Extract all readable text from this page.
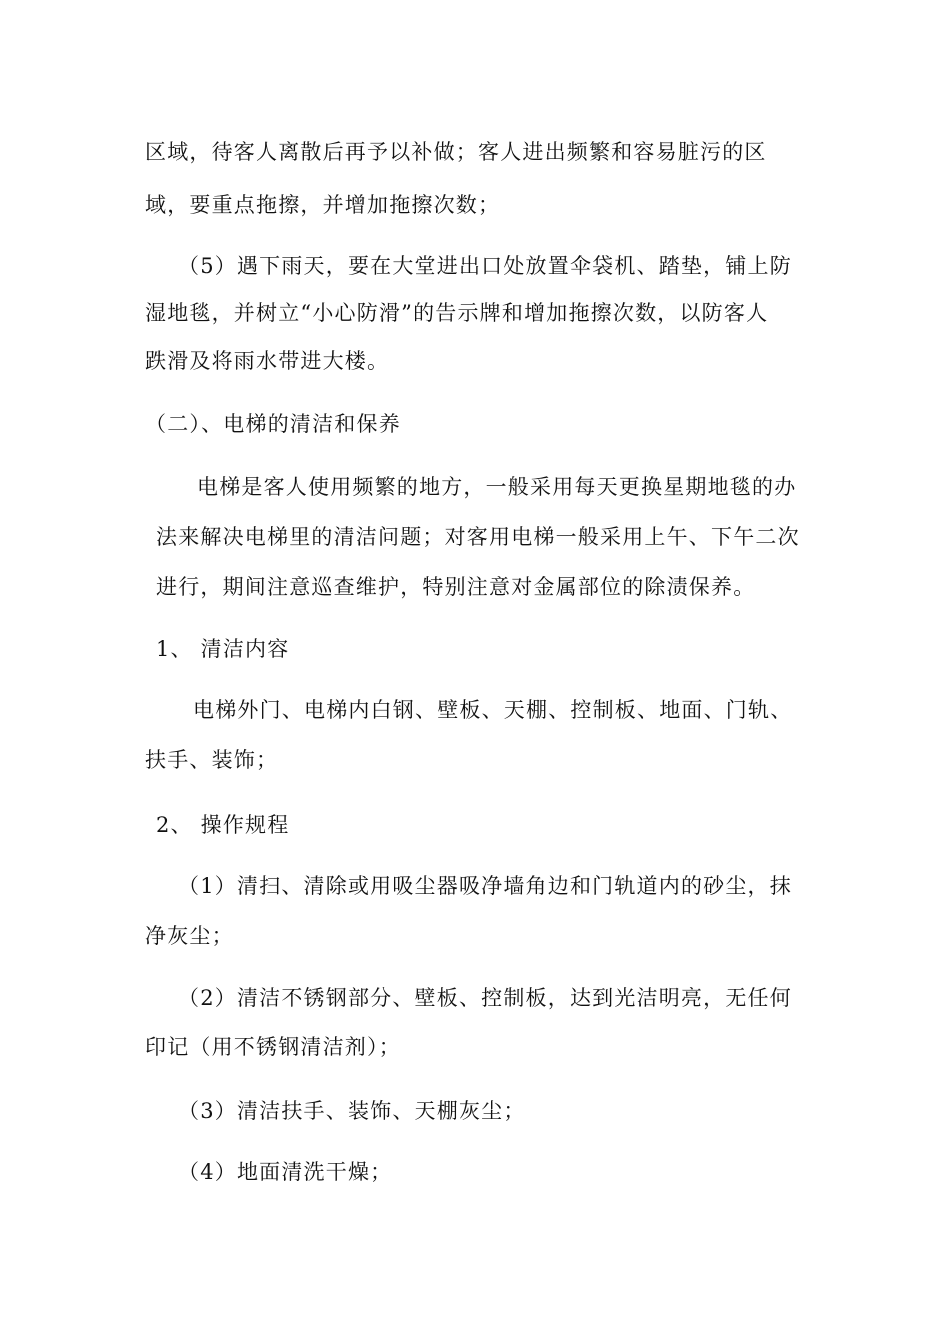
区域，待客人离散后再予以补做；客人进出频繁和容易脏污的区
域，要重点拖擦，并增加拖擦次数；
（5）遇下雨天，要在大堂进出口处放置伞袋机、踏垫，铺上防
湿地毯，并树立“小心防滑”的告示牌和增加拖擦次数，以防客人
跌滑及将雨水带进大楼。
（二）、电梯的清洁和保养
电梯是客人使用频繁的地方，一般采用每天更换星期地毯的办
法来解决电梯里的清洁问题；对客用电梯一般采用上午、下午二次
进行，期间注意巡查维护，特别注意对金属部位的除渍保养。
1、 清洁内容
电梯外门、电梯内白钢、壁板、天棚、控制板、地面、门轨、
扶手、装饰；
2、 操作规程
（1）清扫、清除或用吸尘器吸净墙角边和门轨道内的砂尘，抹
净灰尘；
（2）清洁不锈钢部分、壁板、控制板，达到光洁明亮，无任何
印记（用不锈钢清洁剂）；
（3）清洁扶手、装饰、天棚灰尘；
（4）地面清洗干燥；
